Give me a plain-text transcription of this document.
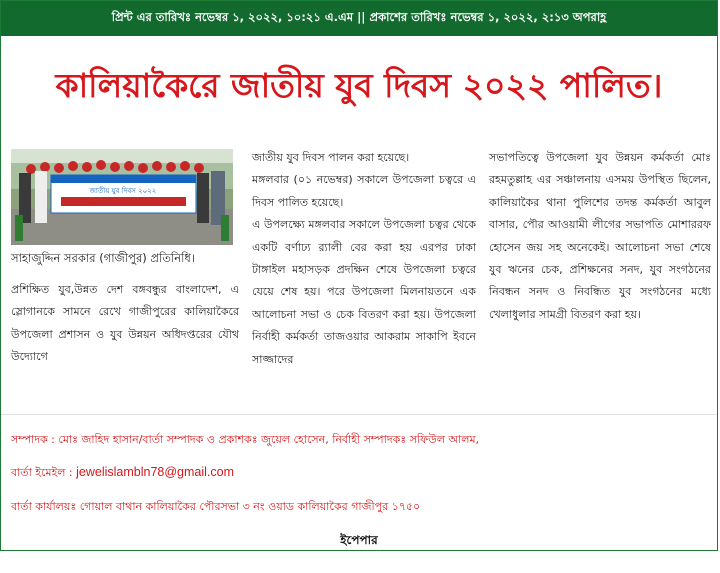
প্রিন্ট এর তারিখঃ নভেম্বর ১, ২০২২, ১০:২১ এ.এম || প্রকাশের তারিখঃ নভেম্বর ১, ২০২২, ২:১৩ অপরাহ্ণ
কালিয়াকৈরে জাতীয় যুব দিবস ২০২২ পালিত।
জাতীয় যুব দিবস ২০২২
সাহাজুদ্দিন সরকার (গাজীপুর) প্রতিনিধি।

প্রশিক্ষিত যুব,উন্নত দেশ বঙ্গবন্ধুর বাংলাদেশ, এ স্লোগানকে সামনে রেখে গাজীপুরের কালিয়াকৈরে উপজেলা প্রশাসন ও যুব উন্নয়ন অধিদপ্তরের যৌথ উদ্যোগে

জাতীয় যুব দিবস পালন করা হয়েছে।

মঙ্গলবার (০১ নভেম্বর) সকালে উপজেলা চত্বরে এ দিবস পালিত হয়েছে।

এ উপলক্ষ্যে মঙ্গলবার সকালে উপজেলা চত্বর থেকে একটি বর্ণাঢ্য র‍্যালী বের করা হয় এরপর ঢাকা টাঙ্গাইল মহাসড়ক প্রদক্ষিন শেষে উপজেলা চত্বরে যেয়ে শেষ হয়। পরে উপজেলা মিলনায়তনে এক আলোচনা সভা ও চেক বিতরণ করা হয়। উপজেলা নির্বাহী কর্মকর্তা তাজওয়ার আকরাম সাকাপি ইবনে সাজ্জাদের

সভাপতিত্বে উপজেলা যুব উন্নয়ন কর্মকর্তা মোঃ রহমতুল্লাহ এর সঞ্চালনায় এসময় উপস্থিত ছিলেন, কালিয়াকৈর থানা পুলিশের তদন্ত কর্মকর্তা আবুল বাসার, পৌর আওয়ামী লীগের সভাপতি মোশাররফ হোসেন জয় সহ অনেকেই। আলোচনা সভা শেষে যুব ঋনের চেক, প্রশিক্ষনের সনদ, যুব সংগঠনের নিবন্ধন সনদ ও নিবন্ধিত যুব সংগঠনের মধ্যে খেলাধুলার সামগ্রী বিতরণ করা হয়।

সম্পাদক : মোঃ জাহিদ হাসান/বার্তা সম্পাদক ও প্রকাশকঃ জুয়েল হোসেন, নির্বাহী সম্পাদকঃ সফিউল আলম,
বার্তা ইমেইল : jewelislambln78@gmail.com
বার্তা কার্যালয়ঃ গোয়াল বাথান কালিয়াকৈর পৌরসভা ৩ নং ওয়াড কালিয়াকৈর গাজীপুর ১৭৫০
ইপেপার
